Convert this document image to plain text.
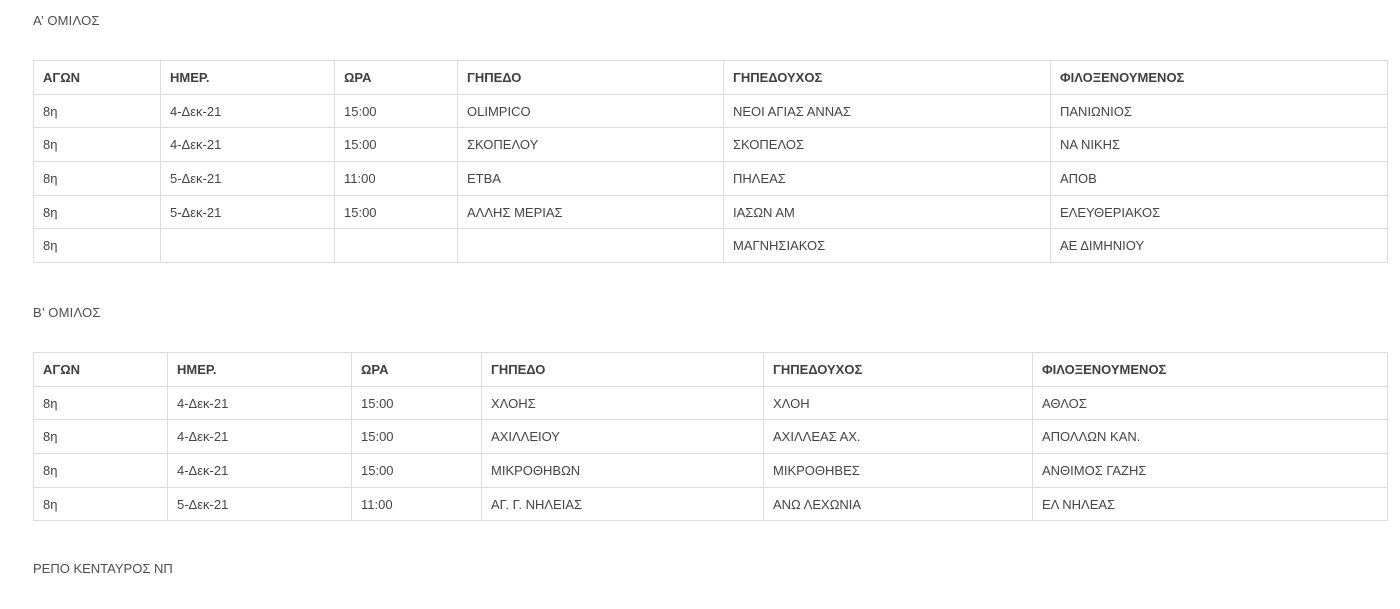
Α’ ΟΜΙΛΟΣ
ΑΓΩΝ	ΗΜΕΡ.	ΩΡΑ	ΓΗΠΕΔΟ	ΓΗΠΕΔΟΥΧΟΣ	ΦΙΛΟΞΕΝΟΥΜΕΝΟΣ
8η	4-Δεκ-21	15:00	OLIMPICO	ΝΕΟΙ ΑΓΙΑΣ ΑΝΝΑΣ	ΠΑΝΙΩΝΙΟΣ
8η	4-Δεκ-21	15:00	ΣΚΟΠΕΛΟΥ	ΣΚΟΠΕΛΟΣ	ΝΑ ΝΙΚΗΣ
8η	5-Δεκ-21	11:00	ΕΤΒΑ	ΠΗΛΕΑΣ	ΑΠΟΒ
8η	5-Δεκ-21	15:00	ΑΛΛΗΣ ΜΕΡΙΑΣ	ΙΑΣΩΝ ΑΜ	ΕΛΕΥΘΕΡΙΑΚΟΣ
8η				ΜΑΓΝΗΣΙΑΚΟΣ	ΑΕ ΔΙΜΗΝΙΟΥ
Β’ ΟΜΙΛΟΣ
ΑΓΩΝ	ΗΜΕΡ.	ΩΡΑ	ΓΗΠΕΔΟ	ΓΗΠΕΔΟΥΧΟΣ	ΦΙΛΟΞΕΝΟΥΜΕΝΟΣ
8η	4-Δεκ-21	15:00	ΧΛΟΗΣ	ΧΛΟΗ	ΑΘΛΟΣ
8η	4-Δεκ-21	15:00	ΑΧΙΛΛΕΙΟΥ	ΑΧΙΛΛΕΑΣ ΑΧ.	ΑΠΟΛΛΩΝ ΚΑΝ.
8η	4-Δεκ-21	15:00	ΜΙΚΡΟΘΗΒΩΝ	ΜΙΚΡΟΘΗΒΕΣ	ΑΝΘΙΜΟΣ ΓΑΖΗΣ
8η	5-Δεκ-21	11:00	ΑΓ. Γ. ΝΗΛΕΙΑΣ	ΑΝΩ ΛΕΧΩΝΙΑ	ΕΛ ΝΗΛΕΑΣ
ΡΕΠΟ ΚΕΝΤΑΥΡΟΣ ΝΠ
